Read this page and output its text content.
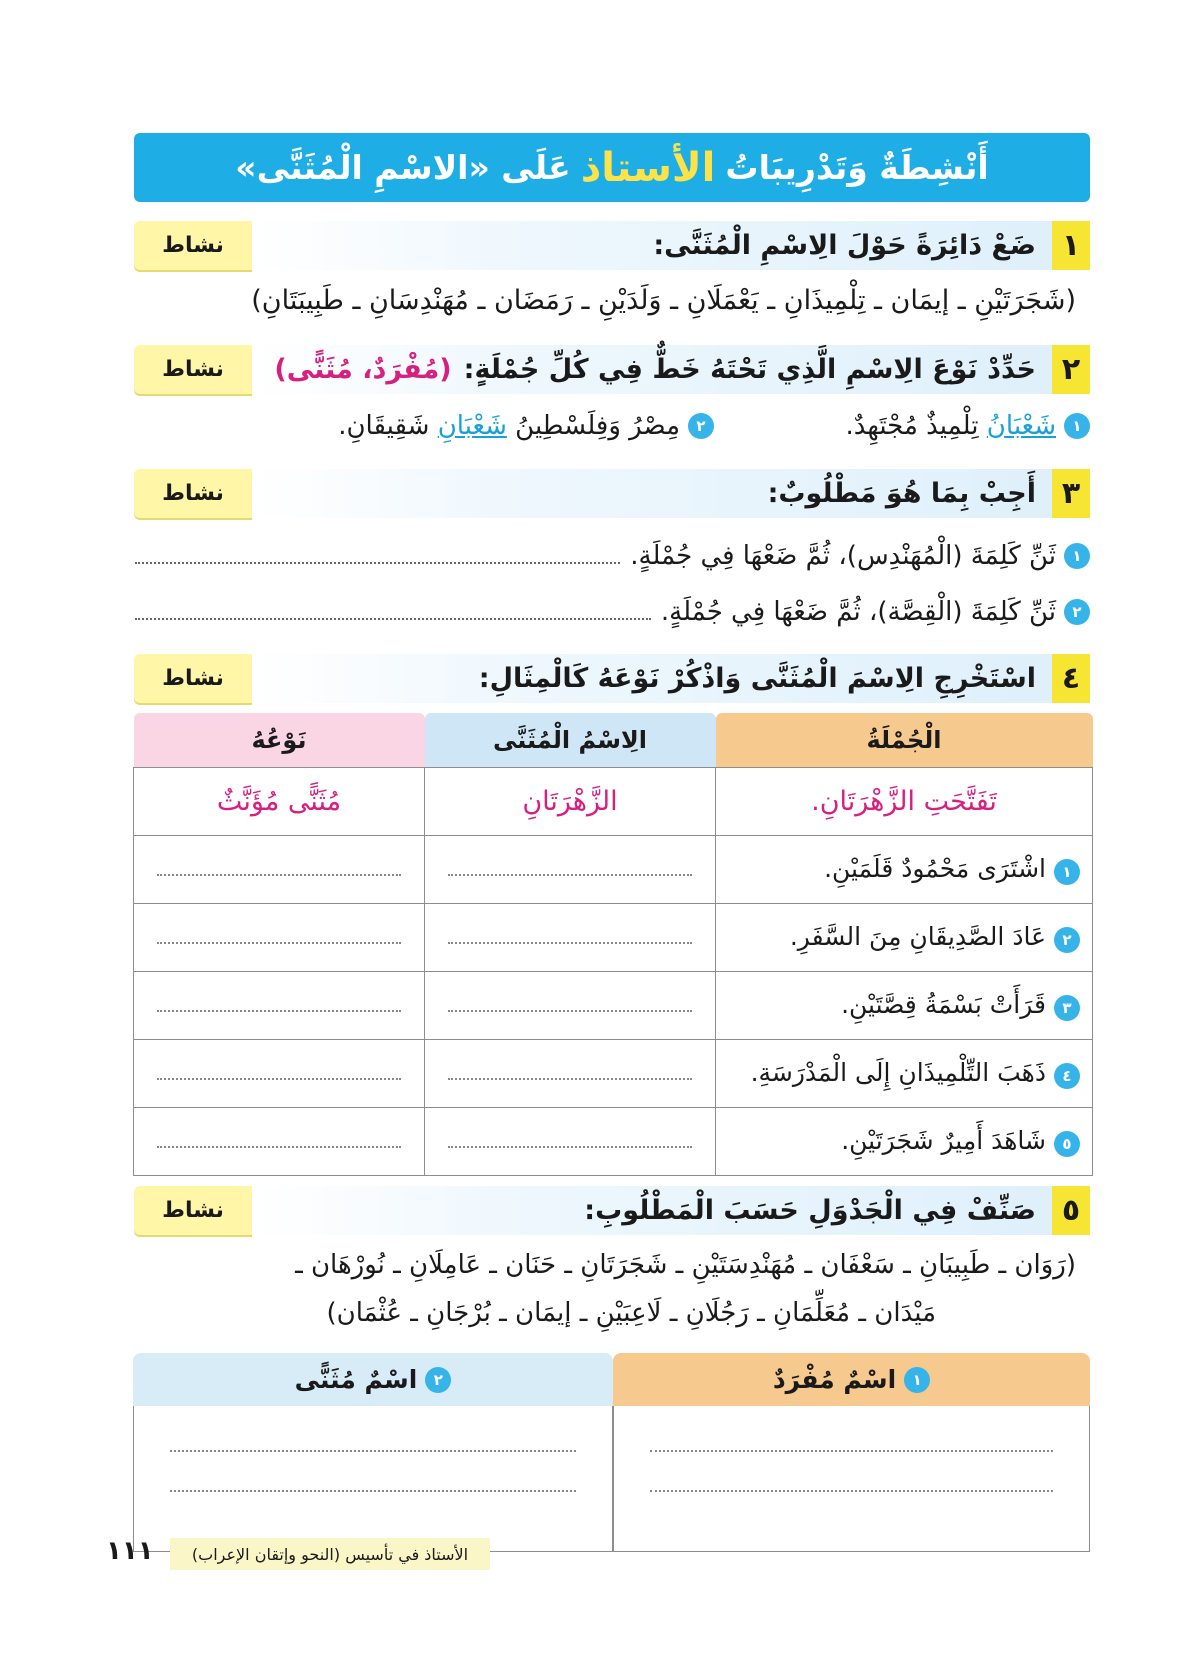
أَنْشِطَةٌ وَتَدْرِيبَاتُ
الأستاذ
عَلَى «الاسْمِ الْمُثَنَّى»
١
ضَعْ دَائِرَةً حَوْلَ الِاسْمِ الْمُثَنَّى:
نشاط
(شَجَرَتَيْنِ ـ إيمَان ـ تِلْمِيذَانِ ـ يَعْمَلَانِ ـ وَلَدَيْنِ ـ رَمَضَان ـ مُهَنْدِسَانِ ـ طَبِيبَتَانِ)
٢
حَدِّدْ نَوْعَ الِاسْمِ الَّذِي تَحْتَهُ خَطٌّ فِي كُلِّ جُمْلَةٍ:
(مُفْرَدٌ، مُثَنًّى)
نشاط
١
شَعْبَانُ

تِلْمِيذٌ مُجْتَهِدٌ.
٢
مِصْرُ وَفِلَسْطِينُ

شَعْبَانِ

شَقِيقَانِ.
٣
أَجِبْ بِمَا هُوَ مَطْلُوبٌ:
نشاط
١
ثَنِّ كَلِمَةَ (الْمُهَنْدِس)، ثُمَّ ضَعْهَا فِي جُمْلَةٍ.
٢
ثَنِّ كَلِمَةَ (الْقِصَّة)، ثُمَّ ضَعْهَا فِي جُمْلَةٍ.
٤
اسْتَخْرِجِ الِاسْمَ الْمُثَنَّى وَاذْكُرْ نَوْعَهُ كَالْمِثَالِ:
نشاط
الْجُمْلَةُ	الِاسْمُ الْمُثَنَّى	نَوْعُهُ
تَفَتَّحَتِ الزَّهْرَتَانِ.	الزَّهْرَتَانِ	مُثَنًّى مُؤَنَّثٌ
١اشْتَرَى مَحْمُودٌ قَلَمَيْنِ.	

٢عَادَ الصَّدِيقَانِ مِنَ السَّفَرِ.	

٣قَرَأَتْ بَسْمَةُ قِصَّتَيْنِ.	

٤ذَهَبَ التِّلْمِيذَانِ إِلَى الْمَدْرَسَةِ.	

٥شَاهَدَ أَمِيرٌ شَجَرَتَيْنِ.	

٥
صَنِّفْ فِي الْجَدْوَلِ حَسَبَ الْمَطْلُوبِ:
نشاط
(رَوَان ـ طَبِيبَانِ ـ سَعْفَان ـ مُهَنْدِسَتَيْنِ ـ شَجَرَتَانِ ـ حَنَان ـ عَامِلَانِ ـ نُورْهَان ـ
مَيْدَان ـ مُعَلِّمَانِ ـ رَجُلَانِ ـ لَاعِبَيْنِ ـ إيمَان ـ بُرْجَانِ ـ عُثْمَان)
١
اسْمٌ مُفْرَدٌ
٢
اسْمٌ مُثَنًّى
الأستاذ في تأسيس (النحو وإتقان الإعراب)
١١١
